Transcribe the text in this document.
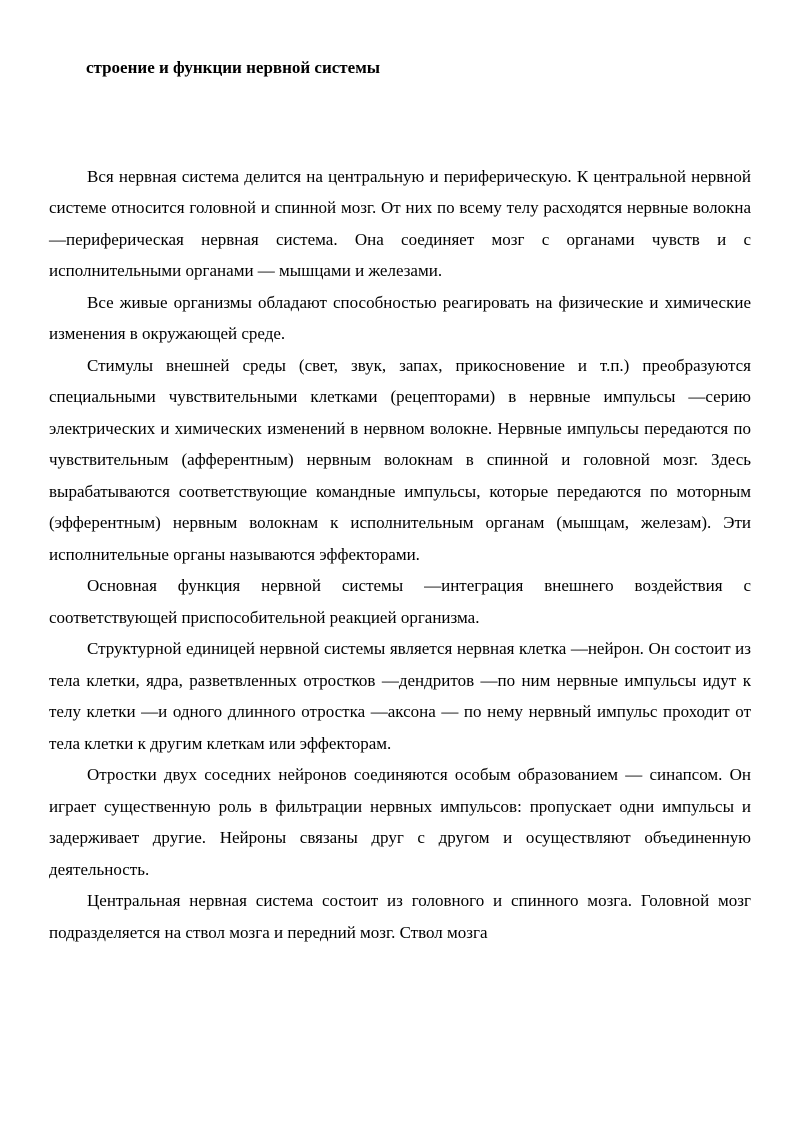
строение и функции нервной системы

Вся нервная система делится на центральную и периферическую. К центральной нервной системе относится головной и спинной мозг. От них по всему телу расходятся нервные волокна —периферическая нервная система. Она соединяет мозг с органами чувств и с исполнительными органами — мышцами и железами.

Все живые организмы обладают способностью реагировать на физические и химические изменения в окружающей среде.

Стимулы внешней среды (свет, звук, запах, прикосновение и т.п.) преобразуются специальными чувствительными клетками (рецепторами) в нервные импульсы —серию электрических и химических изменений в нервном волокне. Нервные импульсы передаются по чувствительным (афферентным) нервным волокнам в спинной и головной мозг. Здесь вырабатываются соответствующие командные импульсы, которые передаются по моторным (эфферентным) нервным волокнам к исполнительным органам (мышцам, железам). Эти исполнительные органы называются эффекторами.

Основная функция нервной системы —интеграция внешнего воздействия с соответствующей приспособительной реакцией организма.

Структурной единицей нервной системы является нервная клетка —нейрон. Он состоит из тела клетки, ядра, разветвленных отростков —дендритов —по ним нервные импульсы идут к телу клетки —и одного длинного отростка —аксона — по нему нервный импульс проходит от тела клетки к другим клеткам или эффекторам.

Отростки двух соседних нейронов соединяются особым образованием — синапсом. Он играет существенную роль в фильтрации нервных импульсов: пропускает одни импульсы и задерживает другие. Нейроны связаны друг с другом и осуществляют объединенную деятельность.

Центральная нервная система состоит из головного и спинного мозга. Головной мозг подразделяется на ствол мозга и передний мозг. Ствол мозга
